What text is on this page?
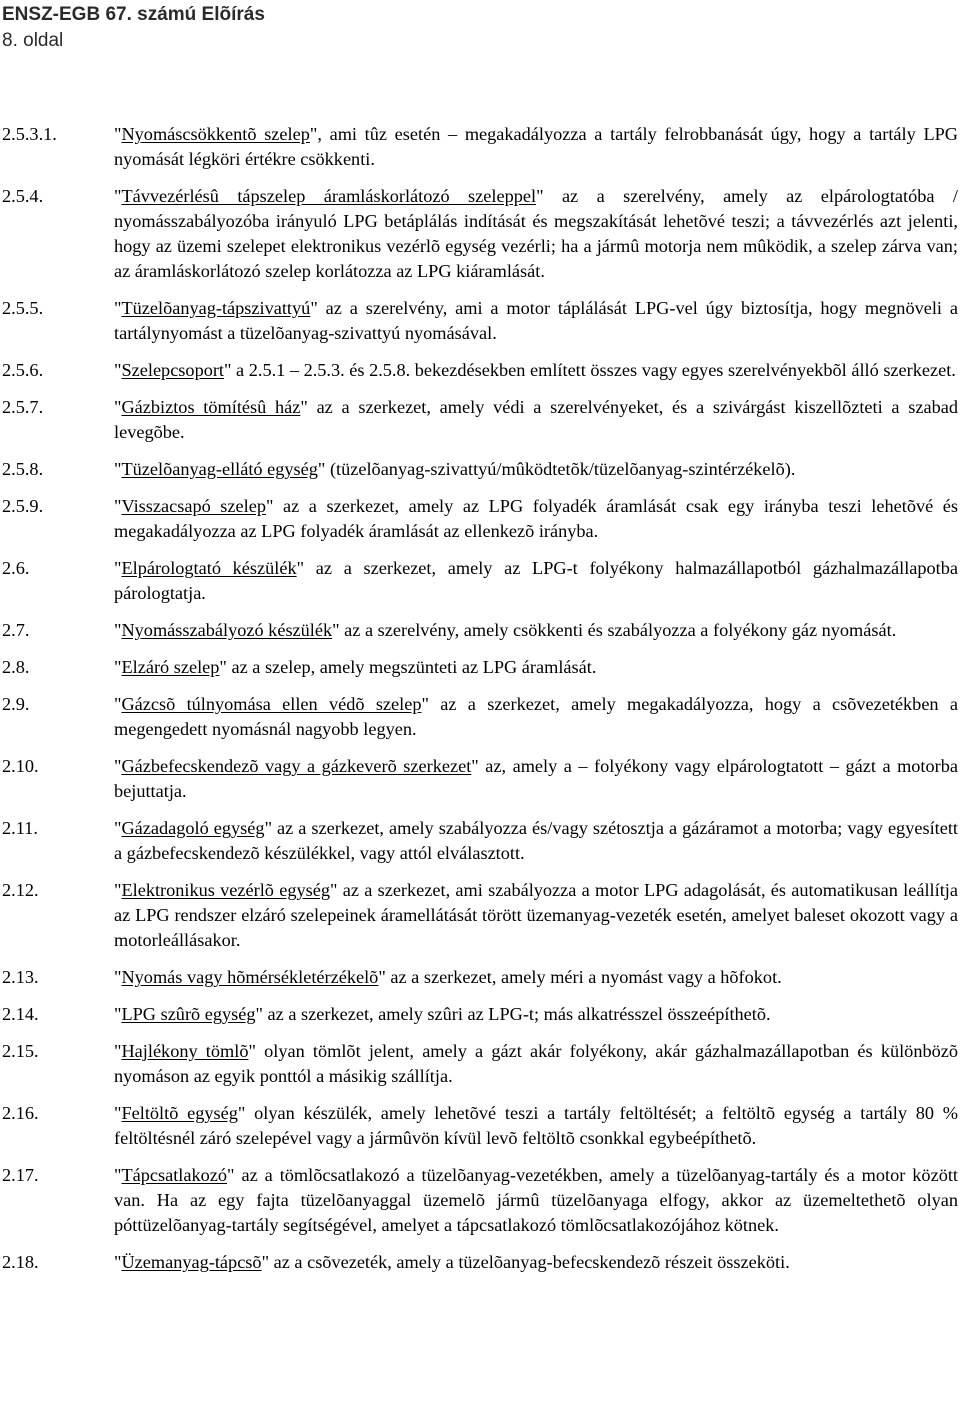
ENSZ-EGB 67. számú Elõírás
8. oldal
2.5.3.1.	"Nyomáscsökkentõ szelep", ami tûz esetén – megakadályozza a tartály felrobbanását úgy, hogy a tartály LPG nyomását légköri értékre csökkenti.
2.5.4.	"Távvezérlésû tápszelep áramláskorlátozó szeleppel" az a szerelvény, amely az elpárologtatóba / nyomásszabályozóba irányuló LPG betáplálás indítását és megszakítását lehetõvé teszi; a távvezérlés azt jelenti, hogy az üzemi szelepet elektronikus vezérlõ egység vezérli; ha a jármû motorja nem mûködik, a szelep zárva van; az áramláskorlátozó szelep korlátozza az LPG kiáramlását.
2.5.5.	"Tüzelõanyag-tápszivattyú" az a szerelvény, ami a motor táplálását LPG-vel úgy biztosítja, hogy megnöveli a tartálynyomást a tüzelõanyag-szivattyú nyomásával.
2.5.6.	"Szelepcsoport" a 2.5.1 – 2.5.3. és 2.5.8. bekezdésekben említett összes vagy egyes szerelvényekbõl álló szerkezet.
2.5.7.	"Gázbiztos tömítésû ház" az a szerkezet, amely védi a szerelvényeket, és a szivárgást kiszellõzteti a szabad levegõbe.
2.5.8.	"Tüzelõanyag-ellátó egység" (tüzelõanyag-szivattyú/mûködtetõk/tüzelõanyag-szintérzékelõ).
2.5.9.	"Visszacsapó szelep" az a szerkezet, amely az LPG folyadék áramlását csak egy irányba teszi lehetõvé és megakadályozza az LPG folyadék áramlását az ellenkezõ irányba.
2.6.	"Elpárologtató készülék" az a szerkezet, amely az LPG-t folyékony halmazállapotból gázhalmazállapotba párologtatja.
2.7.	"Nyomásszabályozó készülék" az a szerelvény, amely csökkenti és szabályozza a folyékony gáz nyomását.
2.8.	"Elzáró szelep" az a szelep, amely megszünteti az LPG áramlását.
2.9.	"Gázcsõ túlnyomása ellen védõ szelep" az a szerkezet, amely megakadályozza, hogy a csõvezetékben a megengedett nyomásnál nagyobb legyen.
2.10.	"Gázbefecskendezõ vagy a gázkeverõ szerkezet" az, amely a – folyékony vagy elpárologtatott – gázt a motorba bejuttatja.
2.11.	"Gázadagoló egység" az a szerkezet, amely szabályozza és/vagy szétosztja a gázáramot a motorba; vagy egyesített a gázbefecskendezõ készülékkel, vagy attól elválasztott.
2.12.	"Elektronikus vezérlõ egység" az a szerkezet, ami szabályozza a motor LPG adagolását, és automatikusan leállítja az LPG rendszer elzáró szelepeinek áramellátását törött üzemanyag-vezeték esetén, amelyet baleset okozott vagy a motorleállásakor.
2.13.	"Nyomás vagy hõmérsékletérzékelõ" az a szerkezet, amely méri a nyomást vagy a hõfokot.
2.14.	"LPG szûrõ egység" az a szerkezet, amely szûri az LPG-t; más alkatrésszel összeépíthetõ.
2.15.	"Hajlékony tömlõ" olyan tömlõt jelent, amely a gázt akár folyékony, akár gázhalmazállapotban és különbözõ nyomáson az egyik ponttól a másikig szállítja.
2.16.	"Feltöltõ egység" olyan készülék, amely lehetõvé teszi a tartály feltöltését; a feltöltõ egység a tartály 80 % feltöltésnél záró szelepével vagy a jármûvön kívül levõ feltöltõ csonkkal egybeépíthetõ.
2.17.	"Tápcsatlakozó" az a tömlõcsatlakozó a tüzelõanyag-vezetékben, amely a tüzelõanyag-tartály és a motor között van. Ha az egy fajta tüzelõanyaggal üzemelõ jármû tüzelõanyaga elfogy, akkor az üzemeltethetõ olyan póttüzelõanyag-tartály segítségével, amelyet a tápcsatlakozó tömlõcsatlakozójához kötnek.
2.18.	"Üzemanyag-tápcsõ" az a csõvezeték, amely a tüzelõanyag-befecskendezõ részeit összeköti.
